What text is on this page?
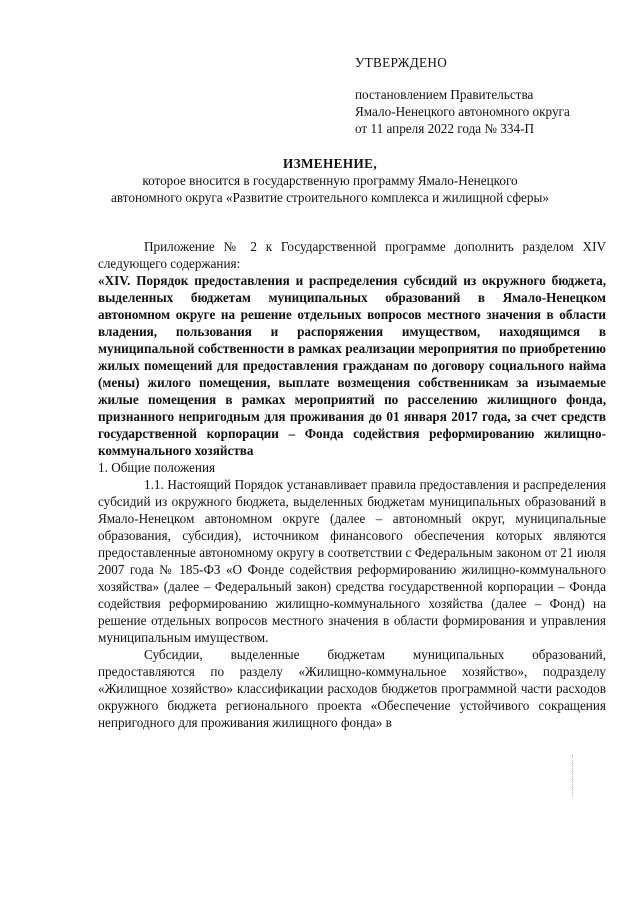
УТВЕРЖДЕНО
постановлением Правительства
Ямало-Ненецкого автономного округа
от 11 апреля 2022 года № 334-П
ИЗМЕНЕНИЕ,
которое вносится в государственную программу Ямало-Ненецкого
автономного округа «Развитие строительного комплекса и жилищной сферы»

Приложение № 2 к Государственной программе дополнить разделом XIV следующего содержания:

«XIV. Порядок предоставления и распределения субсидий из окружного бюджета, выделенных бюджетам муниципальных образований в Ямало-Ненецком автономном округе на решение отдельных вопросов местного значения в области владения, пользования и распоряжения имуществом, находящимся в муниципальной собственности в рамках реализации мероприятия по приобретению жилых помещений для предоставления гражданам по договору социального найма (мены) жилого помещения, выплате возмещения собственникам за изымаемые жилые помещения в рамках мероприятий по расселению жилищного фонда, признанного непригодным для проживания до 01 января 2017 года, за счет средств государственной корпорации – Фонда содействия реформированию жилищно-коммунального хозяйства

1. Общие положения

1.1. Настоящий Порядок устанавливает правила предоставления и распределения субсидий из окружного бюджета, выделенных бюджетам муниципальных образований в Ямало-Ненецком автономном округе (далее – автономный округ, муниципальные образования, субсидия), источником финансового обеспечения которых являются предоставленные автономному округу в соответствии с Федеральным законом от 21 июля 2007 года № 185-ФЗ «О Фонде содействия реформированию жилищно-коммунального хозяйства» (далее – Федеральный закон) средства государственной корпорации – Фонда содействия реформированию жилищно-коммунального хозяйства (далее – Фонд) на решение отдельных вопросов местного значения в области формирования и управления муниципальным имуществом.

Субсидии, выделенные бюджетам муниципальных образований, предоставляются по разделу «Жилищно-коммунальное хозяйство», подразделу «Жилищное хозяйство» классификации расходов бюджетов программной части расходов окружного бюджета регионального проекта «Обеспечение устойчивого сокращения непригодного для проживания жилищного фонда» в
